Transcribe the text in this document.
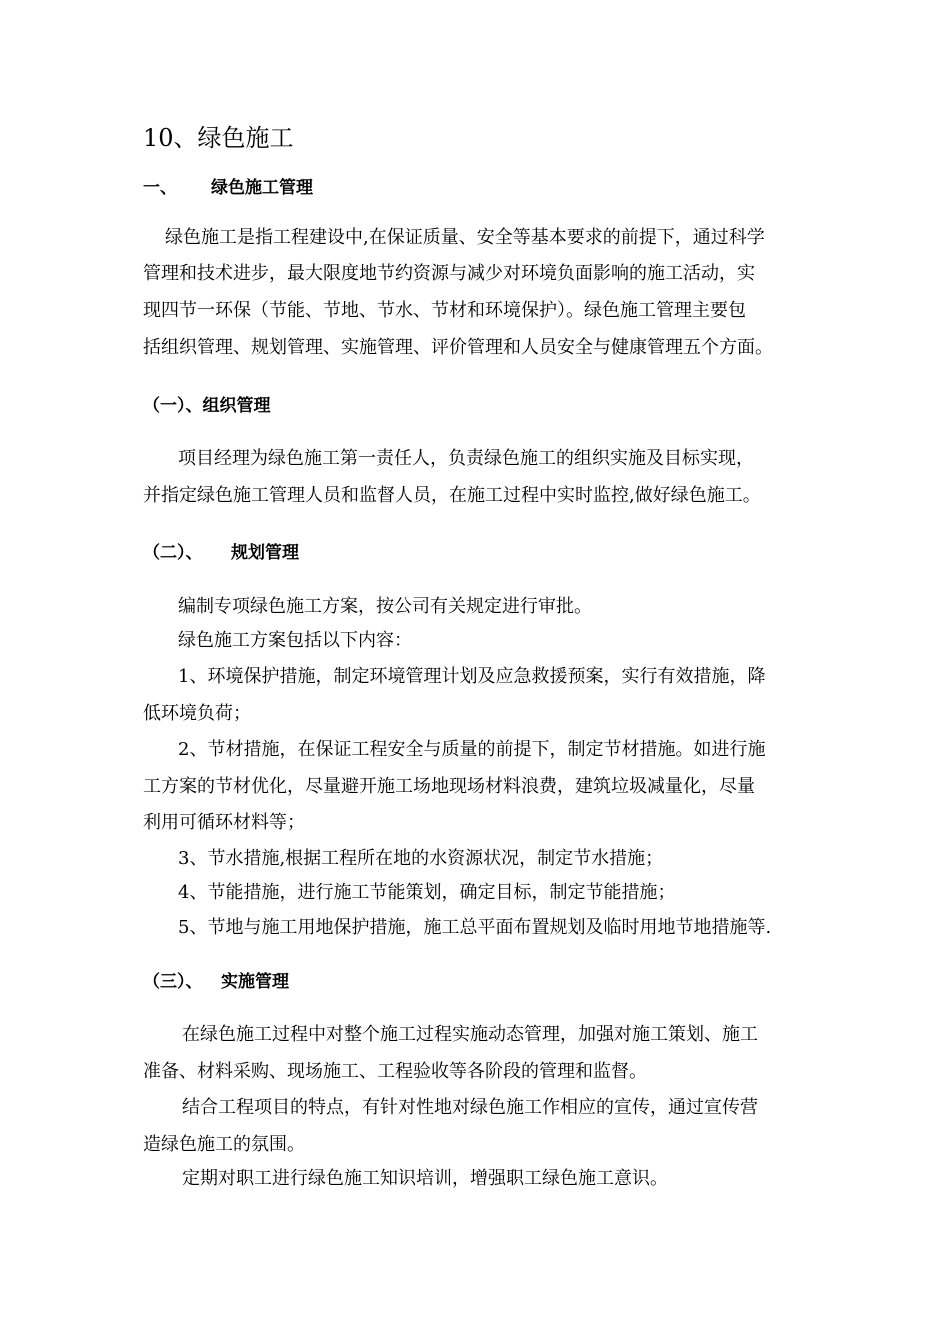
10、绿色施工
一、 绿色施工管理
绿色施工是指工程建设中,在保证质量、安全等基本要求的前提下，通过科学
管理和技术进步，最大限度地节约资源与减少对环境负面影响的施工活动，实
现四节一环保（节能、节地、节水、节材和环境保护）。绿色施工管理主要包
括组织管理、规划管理、实施管理、评价管理和人员安全与健康管理五个方面。
（一）、组织管理
项目经理为绿色施工第一责任人，负责绿色施工的组织实施及目标实现，
并指定绿色施工管理人员和监督人员，在施工过程中实时监控,做好绿色施工。
（二）、 规划管理
编制专项绿色施工方案，按公司有关规定进行审批。
绿色施工方案包括以下内容：
1、环境保护措施，制定环境管理计划及应急救援预案，实行有效措施，降
低环境负荷；
2、节材措施，在保证工程安全与质量的前提下，制定节材措施。如进行施
工方案的节材优化，尽量避开施工场地现场材料浪费，建筑垃圾减量化，尽量
利用可循环材料等；
3、节水措施,根据工程所在地的水资源状况，制定节水措施；
4、节能措施，进行施工节能策划，确定目标，制定节能措施；
5、节地与施工用地保护措施，施工总平面布置规划及临时用地节地措施等.
（三）、 实施管理
在绿色施工过程中对整个施工过程实施动态管理，加强对施工策划、施工
准备、材料采购、现场施工、工程验收等各阶段的管理和监督。
结合工程项目的特点，有针对性地对绿色施工作相应的宣传，通过宣传营
造绿色施工的氛围。
定期对职工进行绿色施工知识培训，增强职工绿色施工意识。
